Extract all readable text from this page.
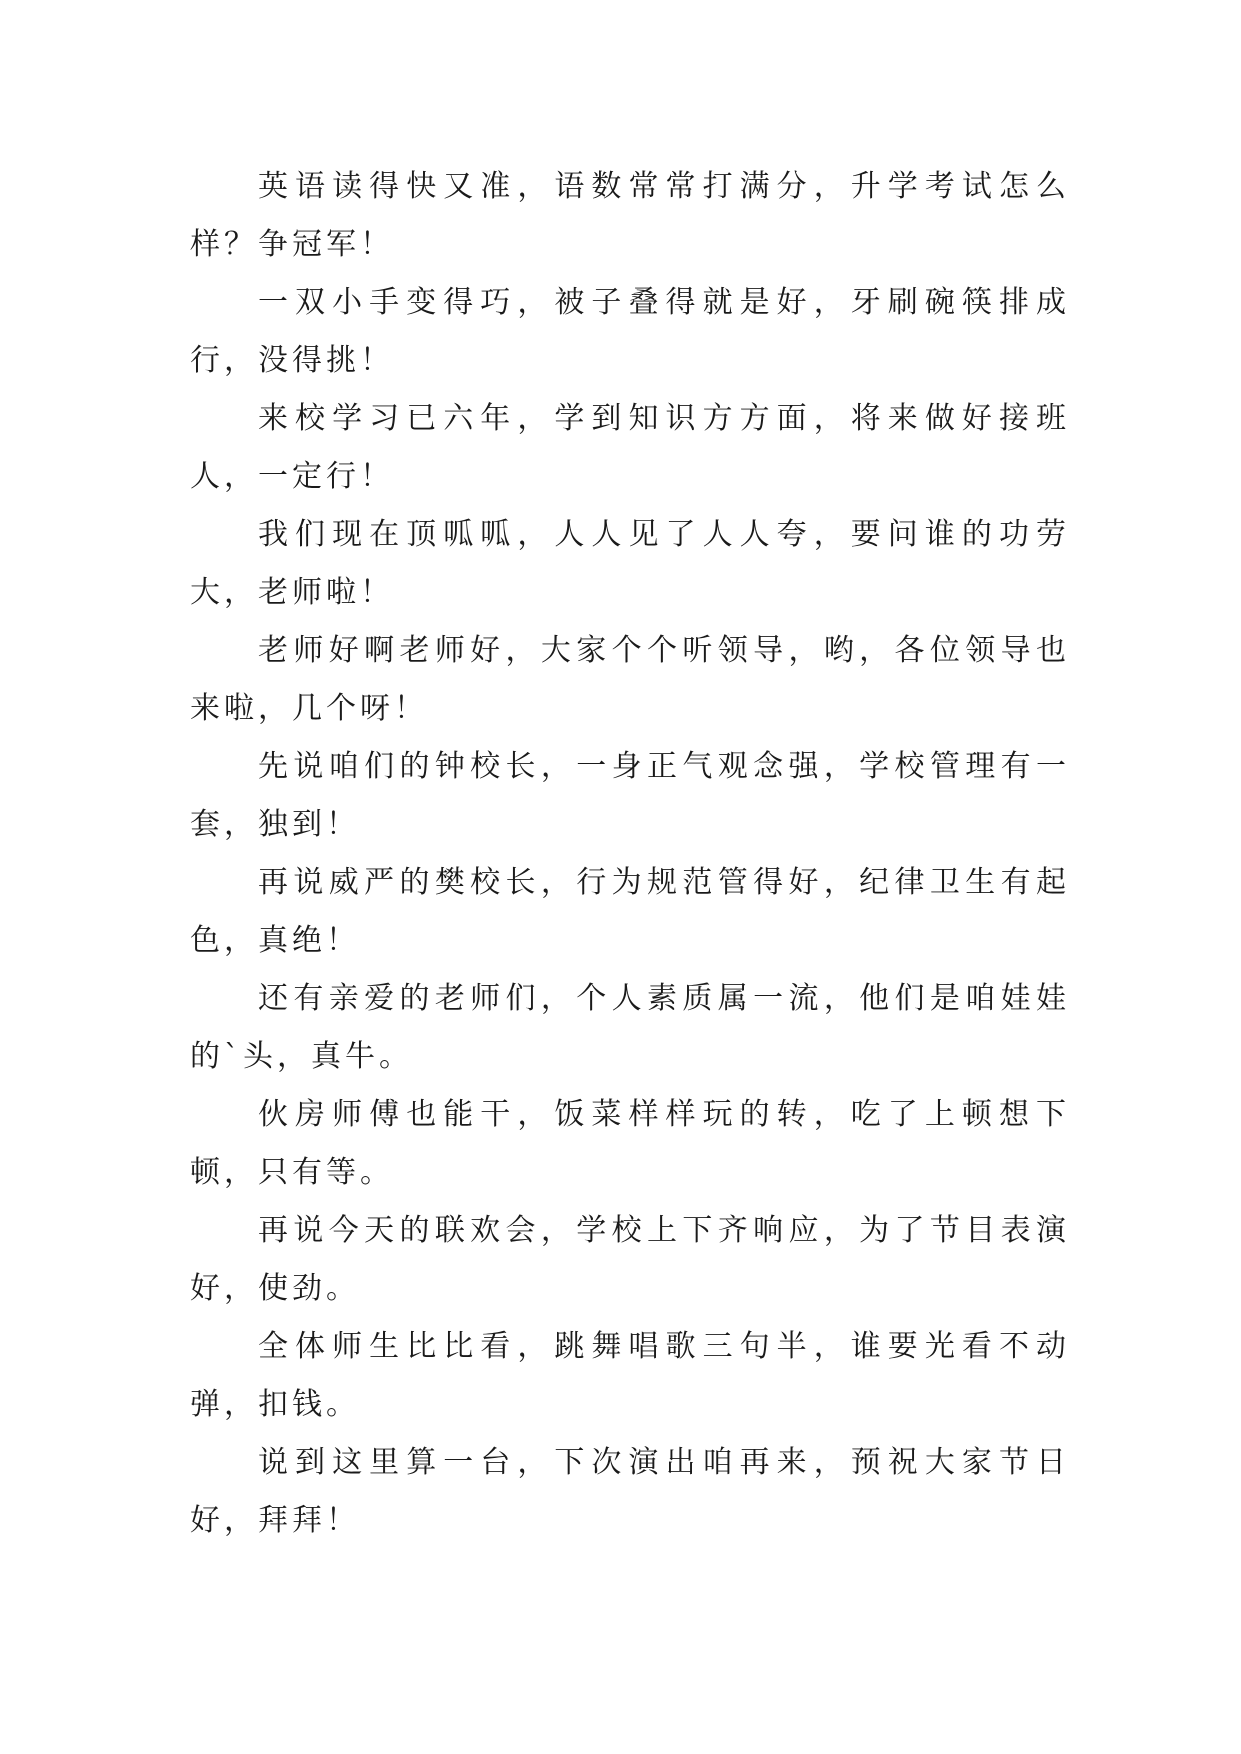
英语读得快又准，语数常常打满分，升学考试怎么样？争冠军！

一双小手变得巧，被子叠得就是好，牙刷碗筷排成行，没得挑！

来校学习已六年，学到知识方方面，将来做好接班人，一定行！

我们现在顶呱呱，人人见了人人夸，要问谁的功劳大，老师啦！

老师好啊老师好，大家个个听领导，哟，各位领导也来啦，几个呀！

先说咱们的钟校长，一身正气观念强，学校管理有一套，独到！

再说威严的樊校长，行为规范管得好，纪律卫生有起色，真绝！

还有亲爱的老师们，个人素质属一流，他们是咱娃娃的`头，真牛。

伙房师傅也能干，饭菜样样玩的转，吃了上顿想下顿，只有等。

再说今天的联欢会，学校上下齐响应，为了节目表演好，使劲。

全体师生比比看，跳舞唱歌三句半，谁要光看不动弹，扣钱。

说到这里算一台，下次演出咱再来，预祝大家节日好，拜拜！
